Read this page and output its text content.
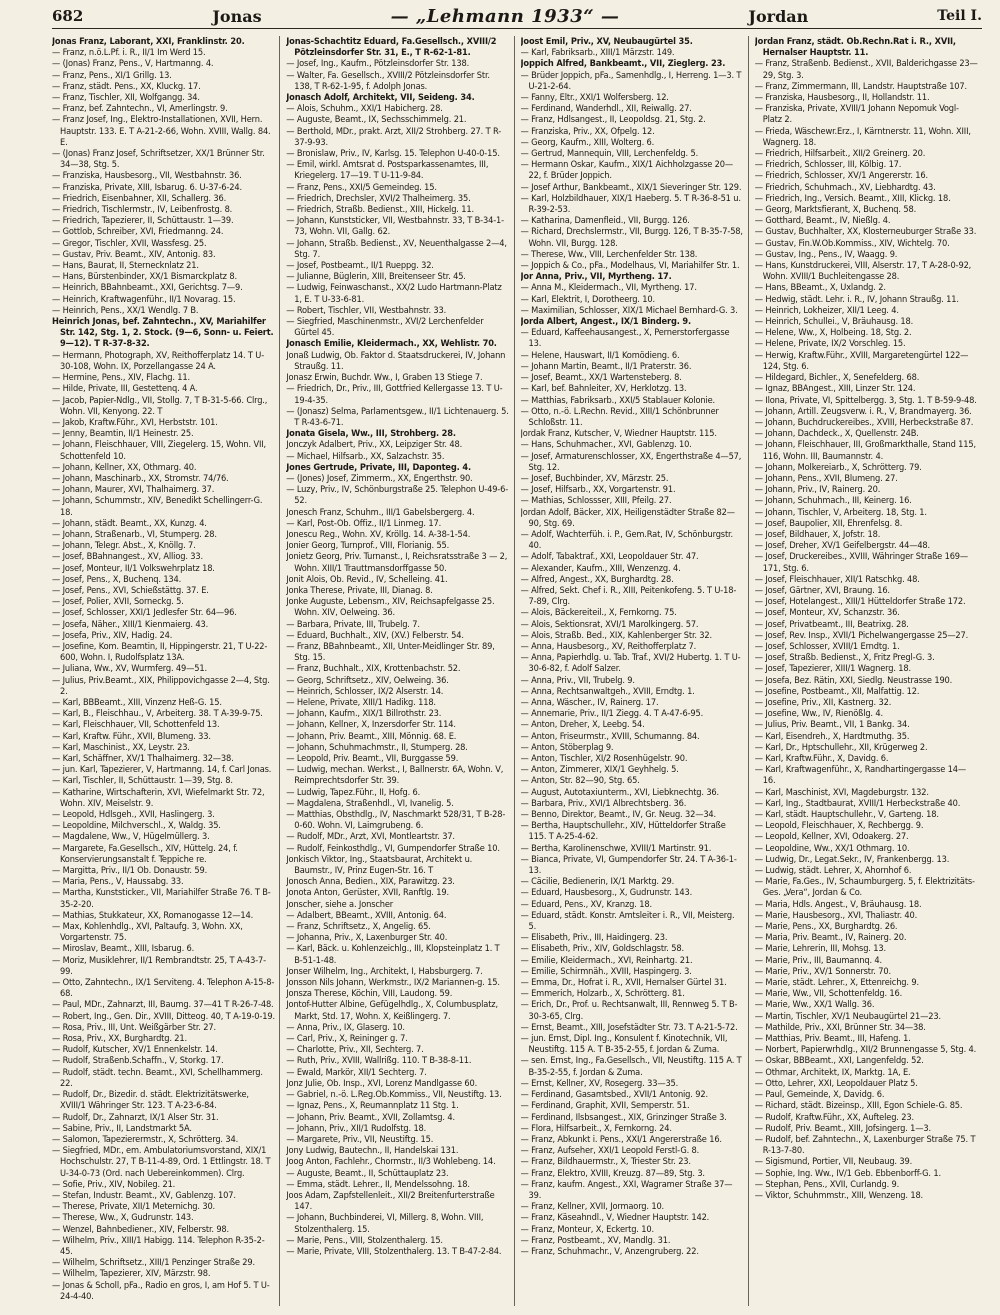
682	Jonas	— „Lehmann 1933“ —	Jordan	Teil I.

Jonas Franz, Laborant, XXI, Franklinstr. 20.

— Franz, n.ö.L.Pf. i. R., II/1 Im Werd 15.

— (Jonas) Franz, Pens., V, Hartmanng. 4.

— Franz, Pens., XI/1 Grillg. 13.

— Franz, städt. Pens., XX, Kluckg. 17.

— Franz, Tischler, XII, Wolfgangg. 34.

— Franz, bef. Zahntechn., VI, Amerlingstr. 9.

— Franz Josef, Ing., Elektro-Installationen, XVII, Hern. Hauptstr. 133. E. T A-21-2-66, Wohn. XVIII, Wallg. 84. E.

— (Jonas) Franz Josef, Schriftsetzer, XX/1 Brünner Str. 34—38, Stg. 5.

— Franziska, Hausbesorg., VII, Westbahnstr. 36.

— Franziska, Private, XIII, Isbarug. 6. U-37-6-24.

— Friedrich, Eisenbahner, XII, Schallerg. 36.

— Friedrich, Tischlermstr., IV, Leibenfrostg. 8.

— Friedrich, Tapezierer, II, Schüttaustr. 1—39.

— Gottlob, Schreiber, XVI, Friedmanng. 24.

— Gregor, Tischler, XVII, Wassfesg. 25.

— Gustav, Priv. Beamt., XIV, Antonig. 83.

— Hans, Baurat, II, Sternecknlatz 21.

— Hans, Bürstenbinder, XX/1 Bismarckplatz 8.

— Heinrich, BBahnbeamt., XXI, Gerichtsg. 7—9.

— Heinrich, Kraftwagenführ., II/1 Novarag. 15.

— Heinrich, Pens., XX/1 Wendlg. 7 B.

Heinrich Jonas, bef. Zahntechn., XV, Mariahilfer Str. 142, Stg. 1, 2. Stock. (9—6, Sonn- u. Feiert. 9—12). T R-37-8-32.

— Hermann, Photograph, XV, Reithofferplatz 14. T U-30-108, Wohn. IX, Porzellangasse 24 A.

— Hermine, Pens., XIV, Flachg. 11.

— Hilde, Private, III, Gestettenq. 4 A.

— Jacob, Papier-Ndlg., VII, Stollg. 7, T B-31-5-66. Clrg., Wohn. VII, Kenyong. 22. T

— Jakob, Kraftw.Führ., XVI, Herbststr. 101.

— Jenny, Beamtin, II/1 Heinestr. 25.

— Johann, Fleischhauer, VIII, Ziegelerg. 15, Wohn. VII, Schottenfeld 10.

— Johann, Kellner, XX, Othmarg. 40.

— Johann, Maschinarb., XX, Stromstr. 74/76.

— Johann, Maurer, XVI, Thalhaimerg. 37.

— Johann, Schummstr., XIV, Benedikt Schellingerr-G. 18.

— Johann, städt. Beamt., XX, Kunzg. 4.

— Johann, Straßenarb., VI, Stumperg. 28.

— Johann, Telegr. Abst., X, Knöllg. 7.

— Josef, BBahnangest., XV, Alliog. 33.

— Josef, Monteur, II/1 Volkswehrplatz 18.

— Josef, Pens., X, Buchenq. 134.

— Josef, Pens., XVI, Schießstättg. 37. E.

— Josef, Polier, XVII, Sorneckg. 5.

— Josef, Schlosser, XXI/1 Jedlesfer Str. 64—96.

— Josefa, Näher., XIII/1 Kienmaierg. 43.

— Josefa, Priv., XIV, Hadig. 24.

— Josefine, Kom. Beamtin, II, Hippingerstr. 21, T U-22-600, Wohn. I, Rudolfsplatz 13A.

— Juliana, Ww., XV, Wurmferg. 49—51.

— Julius, Priv.Beamt., XIX, Philippovichgasse 2—4, Stg. 2.

— Karl, BBBeamt., XIII, Vinzenz Heß-G. 15.

— Karl, B., Fleischhau., V, Arbeiterg. 38. T A-39-9-75.

— Karl, Fleischhauer, VII, Schottenfeld 13.

— Karl, Kraftw. Führ., XVII, Blumeng. 33.

— Karl, Maschinist., XX, Leystr. 23.

— Karl, Schäffner, XV/1 Thalhaimerg. 32—38.

— jun. Karl, Tapezierer, V, Hartmanng. 14, f. Carl Jonas.

— Karl, Tischler, II, Schüttaustr. 1—39, Stg. 8.

— Katharine, Wirtschafterin, XVI, Wiefelmarkt Str. 72, Wohn. XIV, Meiselstr. 9.

— Leopold, Hdlsgeh., XVII, Haslingerg. 3.

— Leopoldine, Milchverschl., X, Waldg. 35.

— Magdalene, Ww., V, Hügelmüllerg. 3.

— Margarete, Fa.Gesellsch., XIV, Hüttelg. 24, f. Konservierungsanstalt f. Teppiche re.

— Margitta, Priv., II/1 Ob. Donaustr. 59.

— Maria, Pens., V, Haussabg. 33.

— Martha, Kunststicker., VII, Mariahilfer Straße 76. T B-35-2-20.

— Mathias, Stukkateur, XX, Romanogasse 12—14.

— Max, Kohlenhdlg., XVI, Paltaufg. 3, Wohn. XX, Vorgartenstr. 75.

— Miroslav, Beamt., XIII, Isbarug. 6.

— Moriz, Musiklehrer, II/1 Rembrandtstr. 25, T A-43-7-99.

— Otto, Zahntechn., IX/1 Serviteng. 4. Telephon A-15-8-68.

— Paul, MDr., Zahnarzt, III, Baumg. 37—41 T R-26-7-48.

— Robert, Ing., Gen. Dir., XVIII, Ditteog. 40, T A-19-0-19.

— Rosa, Priv., III, Unt. Weißgärber Str. 27.

— Rosa, Priv., XX, Burghardtg. 21.

— Rudolf, Kutscher, XV/1 Ennenkelstr. 14.

— Rudolf, Straßenb.Schaffn., V, Storkg. 17.

— Rudolf, städt. techn. Beamt., XVI, Schellhammerg. 22.

— Rudolf, Dr., Bizedir. d. städt. Elektrizitätswerke, XVIII/1 Währinger Str. 123. T A-23-6-84.

— Rudolf, Dr., Zahnarzt, IX/1 Alser Str. 31.

— Sabine, Priv., II, Landstmarkt 5A.

— Salomon, Tapezierermstr., X, Schrötterg. 34.

— Siegfried, MDr., em. Ambulatoriumsvorstand, XIX/1 Hochschulstr. 27, T B-11-4-89, Ord. 1 Ettlingstr. 18. T U-34-0-73 (Ord. nach Uebereinkommen). Clrg.

— Sofie, Priv., XIV, Nobileg. 21.

— Stefan, Industr. Beamt., XV, Gablenzg. 107.

— Therese, Private, XII/1 Meternichg. 30.

— Therese, Ww., X, Gudrunstr. 143.

— Wenzel, Bahnbediener., XIV, Felberstr. 98.

— Wilhelm, Priv., XIII/1 Habigg. 114. Telephon R-35-2-45.

— Wilhelm, Schriftsetz., XIII/1 Penzinger Straße 29.

— Wilhelm, Tapezierer, XIV, Märzstr. 98.

— Jonas & Scholl, pFa., Radio en gros, I, am Hof 5. T U-24-4-40.

Jonas-Schachtitz Eduard, Fa.Gesellsch., XVIII/2 Pötzleinsdorfer Str. 31, E., T R-62-1-81.

— Josef, Ing., Kaufm., Pötzleinsdorfer Str. 138.

— Walter, Fa. Gesellsch., XVIII/2 Pötzleinsdorfer Str. 138, T R-62-1-95, f. Adolph Jonas.

Jonasch Adolf, Architekt, VII, Seideng. 34.

— Alois, Schuhm., XXI/1 Habicherg. 28.

— Auguste, Beamt., IX, Sechsschimmelg. 21.

— Berthold, MDr., prakt. Arzt, XII/2 Strohberg. 27. T R-37-9-93.

— Bronislaw, Priv., IV, Karlsg. 15. Telephon U-40-0-15.

— Emil, wirkl. Amtsrat d. Postsparkassenamtes, III, Kriegelerg. 17—19. T U-11-9-84.

— Franz, Pens., XXI/5 Gemeindeg. 15.

— Friedrich, Drechsler, XVI/2 Thalheimerg. 35.

— Friedrich, Straßb. Bedienst., XIII, Hickelg. 11.

— Johann, Kunststicker, VII, Westbahnstr. 33, T B-34-1-73, Wohn. VII, Gallg. 62.

— Johann, Straßb. Bedienst., XV, Neuenthalgasse 2—4, Stg. 7.

— Josef, Postbeamt., II/1 Rueppg. 32.

— Julianne, Büglerin, XIII, Breitenseer Str. 45.

— Ludwig, Feinwaschanst., XX/2 Ludo Hartmann-Platz 1, E. T U-33-6-81.

— Robert, Tischler, VII, Westbahnstr. 33.

— Siegfried, Maschinenmstr., XVI/2 Lerchenfelder Gürtel 45.

Jonasch Emilie, Kleidermach., XX, Wehlistr. 70.

Jonaß Ludwig, Ob. Faktor d. Staatsdruckerei, IV, Johann Straußg. 11.

Jonasz Erwin, Buchdr. Ww., I, Graben 13 Stiege 7.

— Friedrich, Dr., Priv., III, Gottfried Kellergasse 13. T U-19-4-35.

— (Jonasz) Selma, Parlamentsgew., II/1 Lichtenauerg. 5. T R-43-6-71.

Jonata Gisela, Ww., III, Strohberg. 28.

Jonczyk Adalbert, Priv., XX, Leipziger Str. 48.

— Michael, Hilfsarb., XX, Salzachstr. 35.

Jones Gertrude, Private, III, Daponteg. 4.

— (Jones) Josef, Zimmerm., XX, Engerthstr. 90.

— Luzy, Priv., IV, Schönburgstraße 25. Telephon U-49-6-52.

Jonesch Franz, Schuhm., III/1 Gabelsbergerg. 4.

— Karl, Post-Ob. Offiz., II/1 Linmeg. 17.

Jonescu Reg., Wohn. XV, Kröllg. 14. A-38-1-54.

Jonier Georg, Turnprof., VIII, Florianig. 55.

Jonietz Georg, Priv. Turnanst., I, Reichsratsstraße 3 — 2, Wohn. XIII/1 Trauttmansdorffgasse 50.

Jonit Alois, Ob. Revid., IV, Schelleing. 41.

Jonka Therese, Private, III, Dianag. 8.

Jonke Auguste, Lebensm., XIV, Reichsapfelgasse 25. Wohn. XIV, Oelweing. 36.

— Barbara, Private, III, Trubelg. 7.

— Eduard, Buchhalt., XIV, (XV.) Felberstr. 54.

— Franz, BBahnbeamt., XII, Unter-Meidlinger Str. 89, Stg. 15.

— Franz, Buchhalt., XIX, Krottenbachstr. 52.

— Georg, Schriftsetz., XIV, Oelweing. 36.

— Heinrich, Schlosser, IX/2 Alserstr. 14.

— Helene, Private, XIII/1 Hadikg. 118.

— Johann, Kaufm., XIX/1 Billrothstr. 23.

— Johann, Kellner, X, Inzersdorfer Str. 114.

— Johann, Priv. Beamt., XIII, Mönnig. 68. E.

— Johann, Schuhmachmstr., II, Stumperg. 28.

— Leopold, Priv. Beamt., VII, Burggasse 59.

— Ludwig, mechan. Werkst., I, Ballnerstr. 6A, Wohn. V, Reimprechtsdorfer Str. 39.

— Ludwig, Tapez.Führ., II, Hofg. 6.

— Magdalena, Straßenhdl., VI, Ivanelig. 5.

— Matthias, Obsthdlg., IV, Naschmarkt 528/31, T B-28-0-60. Wohn. VI, Laimgrubeng. 6.

— Rudolf, MDr., Arzt, XVI, Montleartstr. 37.

— Rudolf, Feinkosthdlg., VI, Gumpendorfer Straße 10.

Jonkisch Viktor, Ing., Staatsbaurat, Architekt u. Baumstr., IV, Prinz Eugen-Str. 16. T

Jonosch Anna, Bedien., XIX, Parawitzg. 23.

Jonota Anton, Gerüster, XVII, Ranftlg. 19.

Jonscher, siehe a. Jonscher

— Adalbert, BBeamt., XVIII, Antonig. 64.

— Franz, Schriftsetz., X, Angelig. 65.

— Johanna, Priv., X, Laxenburger Str. 40.

— Karl, Bäck. u. Kohlenzeichlg., III, Klopsteinplatz 1. T B-51-1-48.

Jonser Wilhelm, Ing., Architekt, I, Habsburgerg. 7.

Jonsson Nils Johann, Werkmstr., IX/2 Mariannen-g. 15.

Jonsza Therese, Köchin, VIII, Laudong. 59.

Jontof-Hutter Albine, Gefügelhdlg., X, Columbusplatz, Markt, Std. 17, Wohn. X, Keißlingerg. 7.

— Anna, Priv., IX, Glaserg. 10.

— Carl, Priv., X, Reininger g. 7.

— Charlotte, Priv., XII, Sechterg. 7.

— Ruth, Priv., XVIII, Wallrißg. 110. T B-38-8-11.

— Ewald, Markör, XII/1 Sechterg. 7.

Jonz Julie, Ob. Insp., XVI, Lorenz Mandlgasse 60.

— Gabriel, n.-ö. L.Reg.Ob.Kommiss., VII, Neustiftg. 13.

— Ignaz, Pens., X, Reumannplatz 11 Stg. 1.

— Johann, Priv. Beamt., XVII, Zollamtsg. 4.

— Johann, Priv., XII/1 Rudolfstg. 18.

— Margarete, Priv., VII, Neustiftg. 15.

Jony Ludwig, Bautechn., II, Handelskai 131.

Joog Anton, Fachlehr., Chormstr., II/3 Wohlebeng. 14.

— Auguste, Beamt., II, Schüttauplatz 23.

— Emma, städt. Lehrer., II, Mendelssohng. 18.

Joos Adam, Zapfstellenleit., XII/2 Breitenfurterstraße 147.

— Johann, Buchbinderei, VI, Millerg. 8, Wohn. VIII, Stolzenthalerg. 15.

— Marie, Pens., VIII, Stolzenthalerg. 15.

— Marie, Private, VIII, Stolzenthalerg. 13. T B-47-2-84.

Joost Emil, Priv., XV, Neubaugürtel 35.

— Karl, Fabriksarb., XIII/1 Märzstr. 149.

Joppich Alfred, Bankbeamt., VII, Zieglerg. 23.

— Brüder Joppich, pFa., Samenhdlg., I, Herreng. 1—3. T U-21-2-64.

— Fanny, Eltr., XXI/1 Wolfersberg. 12.

— Ferdinand, Wanderhdl., XII, Reiwallg. 27.

— Franz, Hdlsangest., II, Leopoldsg. 21, Stg. 2.

— Franziska, Priv., XX, Ofpelg. 12.

— Georg, Kaufm., XIII, Wolterg. 6.

— Gertrud, Mannequin, VIII, Lerchenfeldg. 5.

— Hermann Oskar, Kaufm., XIX/1 Aichholzgasse 20—22, f. Brüder Joppich.

— Josef Arthur, Bankbeamt., XIX/1 Sieveringer Str. 129.

— Karl, Holzbildhauer, XIX/1 Haeberg. 5. T R-36-8-51 u. R-39-2-53.

— Katharina, Damenfleid., VII, Burgg. 126.

— Richard, Drechslermstr., VII, Burgg. 126, T B-35-7-58, Wohn. VII, Burgg. 128.

— Therese, Ww., VIII, Lerchenfelder Str. 138.

— Joppich & Co., pFa., Modelhaus, VI, Mariahilfer Str. 1.

Jor Anna, Priv., VII, Myrtheng. 17.

— Anna M., Kleidermach., VII, Myrtheng. 17.

— Karl, Elektrit, I, Dorotheerg. 10.

— Maximilian, Schlosser, XIX/1 Michael Bernhard-G. 3.

Jorda Albert, Angest., IX/1 Binderg. 9.

— Eduard, Kaffeehausangest., X, Pernerstorfergasse 13.

— Helene, Hauswart, II/1 Komödieng. 6.

— Johann Martin, Beamt., II/1 Praterstr. 36.

— Josef, Beamt., XX/1 Wartensteberg. 8.

— Karl, bef. Bahnleiter, XV, Herklotzg. 13.

— Matthias, Fabriksarb., XXI/5 Stablauer Kolonie.

— Otto, n.-ö. L.Rechn. Revid., XIII/1 Schönbrunner Schloßstr. 11.

Jordak Franz, Kutscher, V, Wiedner Hauptstr. 115.

— Hans, Schuhmacher., XVI, Gablenzg. 10.

— Josef, Armaturenschlosser, XX, Engerthstraße 4—57, Stg. 12.

— Josef, Buchbinder, XV, Märzstr. 25.

— Josef, Hilfsarb., XX, Vorgartenstr. 91.

— Mathias, Schlossser, XIII, Pfeilg. 27.

Jordan Adolf, Bäcker, XIX, Heiligenstädter Straße 82—90, Stg. 69.

— Adolf, Wachterfüh. i. P., Gem.Rat, IV, Schönburgstr. 40.

— Adolf, Tabaktraf., XXI, Leopoldauer Str. 47.

— Alexander, Kaufm., XIII, Wenzenzg. 4.

— Alfred, Angest., XX, Burghardtg. 28.

— Alfred, Sekt. Chef i. R., XIII, Peitenkofeng. 5. T U-18-7-89, Clrg.

— Alois, Bäckereiteil., X, Fernkorng. 75.

— Alois, Sektionsrat, XVI/1 Marolkingerg. 57.

— Alois, Straßb. Bed., XIX, Kahlenberger Str. 32.

— Anna, Hausbesorg., XV, Reithofferplatz 7.

— Anna, Papierhdlg. u. Tab. Traf., XVI/2 Hubertg. 1. T U-30-6-82, f. Adolf Salzer.

— Anna, Priv., VII, Trubelg. 9.

— Anna, Rechtsanwaltgeh., XVIII, Erndtg. 1.

— Anna, Wäscher., IV, Rainerg. 17.

— Annemarie, Priv., II/1 Ziegg. 4. T A-47-6-95.

— Anton, Dreher, X, Leebg. 54.

— Anton, Friseurmstr., XVIII, Schumanng. 84.

— Anton, Stöberplag 9.

— Anton, Tischler, XI/2 Rosenhügelstr. 90.

— Anton, Zimmerer, XIX/1 Geyhhelg. 5.

— Anton, Str. 82—90, Stg. 65.

— August, Autotaxiunterm., XVI, Liebknechtg. 36.

— Barbara, Priv., XVI/1 Albrechtsberg. 36.

— Benno, Direktor, Beamt., IV, Gr. Neug. 32—34.

— Bertha, Hauptschullehr., XIV, Hütteldorfer Straße 115. T A-25-4-62.

— Bertha, Karolinenschwe, XVIII/1 Martinstr. 91.

— Bianca, Private, VI, Gumpendorfer Str. 24. T A-36-1-13.

— Cäcilie, Bedienerin, IX/1 Marktg. 29.

— Eduard, Hausbesorg., X, Gudrunstr. 143.

— Eduard, Pens., XV, Kranzg. 18.

— Eduard, städt. Konstr. Amtsleiter i. R., VII, Meisterg. 5.

— Elisabeth, Priv., III, Haidingerg. 23.

— Elisabeth, Priv., XIV, Goldschlagstr. 58.

— Emilie, Kleidermach., XVI, Reinhartg. 21.

— Emilie, Schirmnäh., XVIII, Haspingerg. 3.

— Emma, Dr., Hofrat i. R., XVII, Hernalser Gürtel 31.

— Emmerich, Holzarb., X, Schrötterg. 81.

— Erich, Dr., Prof. u. Rechtsanwalt, III, Rennweg 5. T B-30-3-65, Clrg.

— Ernst, Beamt., XIII, Josefstädter Str. 73. T A-21-5-72.

— jun. Ernst, Dipl. Ing., Konsulent f. Kinotechnik, VII, Neustiftg. 115 A. T B-35-2-55, f. Jordan & Zuma.

— sen. Ernst, Ing., Fa.Gesellsch., VII, Neustiftg. 115 A. T B-35-2-55, f. Jordan & Zuma.

— Ernst, Kellner, XV, Rosegerg. 33—35.

— Ferdinand, Gasamtsbed., XVII/1 Antonig. 92.

— Ferdinand, Graphit, XVII, Semperstr. 51.

— Ferdinand, Ilsbsangest., XIX, Grinzinger Straße 3.

— Flora, Hilfsarbeit., X, Fernkorng. 24.

— Franz, Abkunkt i. Pens., XXI/1 Angererstraße 16.

— Franz, Aufseher, XXI/1 Leopold Ferstl-G. 8.

— Franz, Bildhauermstr., X, Triester Str. 23.

— Franz, Elektro, XVIII, Kreuzg. 87—89, Stg. 3.

— Franz, kaufm. Angest., XXI, Wagramer Straße 37—39.

— Franz, Kellner, XVII, Jormaorg. 10.

— Franz, Käseahndl., V, Wiedner Hauptstr. 142.

— Franz, Monteur, X, Eckertg. 10.

— Franz, Postbeamt., XV, Mandlg. 31.

— Franz, Schuhmachr., V, Anzengruberg. 22.

Jordan Franz, städt. Ob.Rechn.Rat i. R., XVII, Hernalser Hauptstr. 11.

— Franz, Straßenb. Bedienst., XVII, Balderichgasse 23—29, Stg. 3.

— Franz, Zimmermann, III, Landstr. Hauptstraße 107.

— Franziska, Hausbesorg., II, Hollandstr. 11.

— Franziska, Private, XVIII/1 Johann Nepomuk Vogl-Platz 2.

— Frieda, Wäschewr.Erz., I, Kärntnerstr. 11, Wohn. XIII, Wagnerg. 18.

— Friedrich, Hilfsarbeit., XII/2 Greinerg. 20.

— Friedrich, Schlosser, III, Kölbig. 17.

— Friedrich, Schlosser, XV/1 Angererstr. 16.

— Friedrich, Schuhmach., XV, Liebhardtg. 43.

— Friedrich, Ing., Versich. Beamt., XIII, Klickg. 18.

— Georg, Marktsfierant, X, Buchenq. 58.

— Gotthard, Beamt., IV, Nießlg. 4.

— Gustav, Buchhalter, XX, Klosterneuburger Straße 33.

— Gustav, Fin.W.Ob.Kommiss., XIV, Wichtelg. 70.

— Gustav, Ing., Pens., IV, Waagg. 9.

— Hans, Kunstdruckerei, VIII, Alserstr. 17, T A-28-0-92, Wohn. XVIII/1 Buchleitengasse 28.

— Hans, BBeamt., X, Uxlandg. 2.

— Hedwig, städt. Lehr. i. R., IV, Johann Straußg. 11.

— Heinrich, Lokheizer, XII/1 Leeg. 4.

— Heinrich, Schullei., V, Bräuhausg. 18.

— Helene, Ww., X, Holbeing. 18, Stg. 2.

— Helene, Private, IX/2 Vorschleg. 15.

— Herwig, Kraftw.Führ., XVIII, Margaretengürtel 122—124, Stg. 6.

— Hildegard, Bichler., X, Senefelderg. 68.

— Ignaz, BBAngest., XIII, Linzer Str. 124.

— Ilona, Private, VI, Spittelbergg. 3, Stg. 1. T B-59-9-48.

— Johann, Artill. Zeugsverw. i. R., V, Brandmayerg. 36.

— Johann, Buchdruckereibes., XVIII, Herbeckstraße 87.

— Johann, Dachdeck., X, Quellenstr. 24B.

— Johann, Fleischhauer, III, Großmarkthalle, Stand 115, 116, Wohn. III, Baumannstr. 4.

— Johann, Molkereiarb., X, Schrötterg. 79.

— Johann, Pens., XVII, Blumeng. 27.

— Johann, Priv., IV, Rainerg. 20.

— Johann, Schuhmach., III, Keinerg. 16.

— Johann, Tischler, V, Arbeiterg. 18, Stg. 1.

— Josef, Baupolier, XII, Ehrenfelsg. 8.

— Josef, Bildhauer, X, Jofstr. 18.

— Josef, Dreher, XV/1 Geifelbergstr. 44—48.

— Josef, Druckereibes., XVIII, Währinger Straße 169—171, Stg. 6.

— Josef, Fleischhauer, XII/1 Ratschkg. 48.

— Josef, Gärtner, XVI, Braung. 16.

— Josef, Hotelangest., XIII/1 Hütteldorfer Straße 172.

— Josef, Monteur, XV, Schanzstr. 36.

— Josef, Privatbeamt., III, Beatrixg. 28.

— Josef, Rev. Insp., XVII/1 Pichelwangergasse 25—27.

— Josef, Schlosser, XVIII/1 Erndtg. 1.

— Josef, Straßb. Bedienst., X, Fritz Pregl-G. 3.

— Josef, Tapezierer, XIII/1 Wagnerg. 18.

— Josefa, Bez. Rätin, XXI, Siedlg. Neustrasse 190.

— Josefine, Postbeamt., XII, Malfattig. 12.

— Josefine, Priv., XII, Kastnerg. 32.

— Josefine, Ww., IV, Rienößlg. 4.

— Julius, Priv. Beamt., VII, 1 Bankg. 34.

— Karl, Eisendreh., X, Hardtmuthg. 35.

— Karl, Dr., Hptschullehr., XII, Krügerweg 2.

— Karl, Kraftw.Führ., X, Davidg. 6.

— Karl, Kraftwagenführ., X, Randhartingergasse 14—16.

— Karl, Maschinist, XVI, Magdeburgstr. 132.

— Karl, Ing., Stadtbaurat, XVIII/1 Herbeckstraße 40.

— Karl, städt. Hauptschullehr., V, Garteng. 18.

— Leopold, Fleischhauer, X, Rechbergg. 9.

— Leopold, Kellner, XVI, Odoakerg. 27.

— Leopoldine, Ww., XX/1 Othmarg. 10.

— Ludwig, Dr., Legat.Sekr., IV, Frankenbergg. 13.

— Ludwig, städt. Lehrer, X, Ahornhof 6.

— Marie, Fa.Ges., IV, Schaumburgerg. 5, f. Elektrizitäts-Ges. „Vera“, Jordan & Co.

— Maria, Hdls. Angest., V, Bräuhausg. 18.

— Marie, Hausbesorg., XVI, Thaliastr. 40.

— Marie, Pens., XX, Burghardtg. 26.

— Maria, Priv. Beamt., IV, Rainerg. 20.

— Marie, Lehrerin, III, Mohsg. 13.

— Marie, Priv., III, Baumannq. 4.

— Marie, Priv., XV/1 Sonnerstr. 70.

— Marie, städt. Lehrer., X, Ettenreichg. 9.

— Marie, Ww., VII, Schottenfeldg. 16.

— Marie, Ww., XX/1 Wallg. 36.

— Martin, Tischler, XV/1 Neubaugürtel 21—23.

— Mathilde, Priv., XXI, Brünner Str. 34—38.

— Matthias, Priv. Beamt., III, Hafeng. 1.

— Norbert, Papierwrhdlg., XII/2 Brunnengasse 5, Stg. 4.

— Oskar, BBBeamt., XXI, Langenfeldg. 52.

— Othmar, Architekt, IX, Marktg. 1A, E.

— Otto, Lehrer, XXI, Leopoldauer Platz 5.

— Paul, Gemeinde, X, Davidg. 6.

— Richard, städt. Bizeinsp., XIII, Egon Schiele-G. 85.

— Rudolf, Kraftw.Führ., XX, Aufteleg. 23.

— Rudolf, Priv. Beamt., XIII, Jofsingerg. 1—3.

— Rudolf, bef. Zahntechn., X, Laxenburger Straße 75. T R-13-7-80.

— Sigismund, Portier, VII, Neubaug. 39.

— Sophie, Ing. Ww., IV/1 Geb. Ebbenborff-G. 1.

— Stephan, Pens., XVII, Curlandg. 9.

— Viktor, Schuhmmstr., XIII, Wenzeng. 18.
